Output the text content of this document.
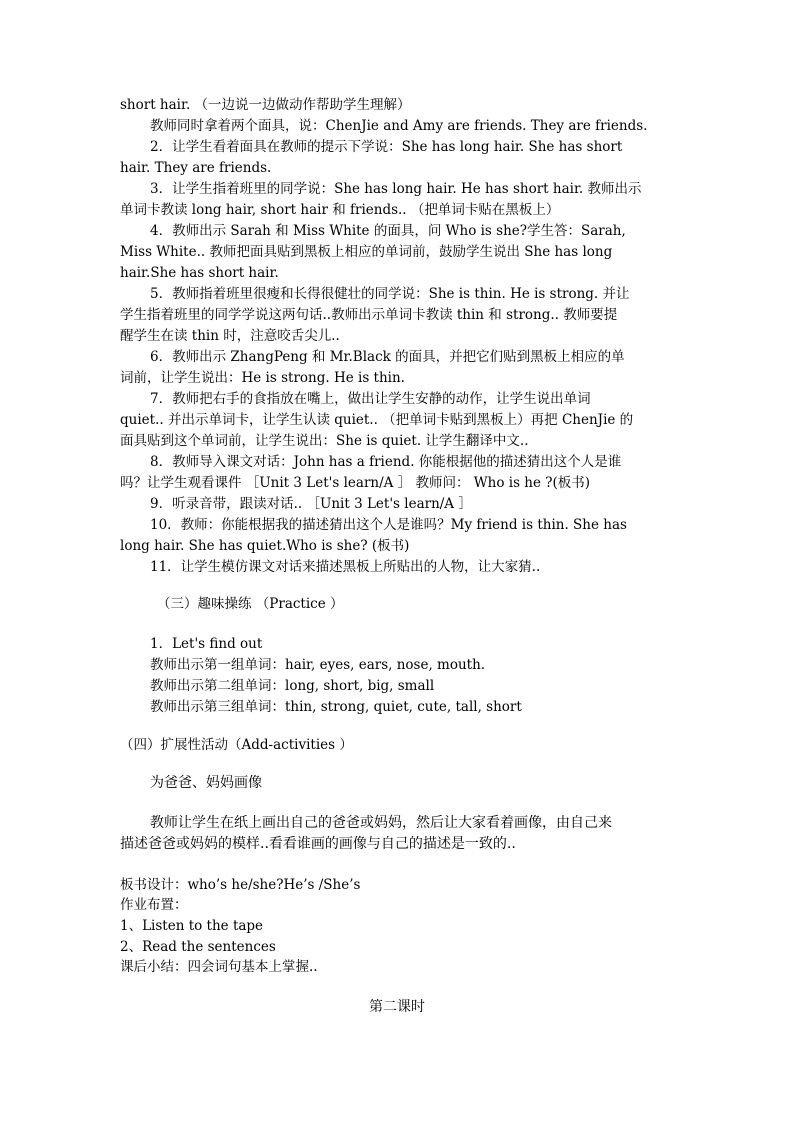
short hair. （一边说一边做动作帮助学生理解）
教师同时拿着两个面具，说：ChenJie and Amy are friends. They are friends.
2．让学生看着面具在教师的提示下学说：She has long hair. She has short
hair. They are friends.
3．让学生指着班里的同学说：She has long hair. He has short hair. 教师出示
单词卡教读 long hair, short hair 和 friends.. （把单词卡贴在黑板上）
4．教师出示 Sarah 和 Miss White 的面具，问 Who is she?学生答：Sarah,
Miss White.. 教师把面具贴到黑板上相应的单词前，鼓励学生说出 She has long
hair.She has short hair.
5．教师指着班里很瘦和长得很健壮的同学说：She is thin. He is strong. 并让
学生指着班里的同学学说这两句话..教师出示单词卡教读 thin 和 strong.. 教师要提
醒学生在读 thin 时，注意咬舌尖儿..
6．教师出示 ZhangPeng 和 Mr.Black 的面具，并把它们贴到黑板上相应的单
词前，让学生说出：He is strong. He is thin.
7．教师把右手的食指放在嘴上，做出让学生安静的动作，让学生说出单词
quiet.. 并出示单词卡，让学生认读 quiet.. （把单词卡贴到黑板上）再把 ChenJie 的
面具贴到这个单词前，让学生说出：She is quiet. 让学生翻译中文..
8．教师导入课文对话：John has a friend. 你能根据他的描述猜出这个人是谁
吗？让学生观看课件 ［Unit 3 Let's learn/A ］ 教师问： Who is he ?(板书)
9．听录音带，跟读对话.. ［Unit 3 Let's learn/A ］
10．教师：你能根据我的描述猜出这个人是谁吗？My friend is thin. She has
long hair. She has quiet.Who is she? (板书)
11．让学生模仿课文对话来描述黑板上所贴出的人物，让大家猜..
（三）趣味操练 （Practice ）
1．Let's find out
教师出示第一组单词：hair, eyes, ears, nose, mouth.
教师出示第二组单词：long, short, big, small
教师出示第三组单词：thin, strong, quiet, cute, tall, short
（四）扩展性活动（Add-activities ）
为爸爸、妈妈画像
教师让学生在纸上画出自己的爸爸或妈妈，然后让大家看着画像，由自己来
描述爸爸或妈妈的模样..看看谁画的画像与自己的描述是一致的..
板书设计：who’s he/she?He’s /She’s
作业布置：
1、Listen to the tape
2、Read the sentences
课后小结：四会词句基本上掌握..
第二课时
